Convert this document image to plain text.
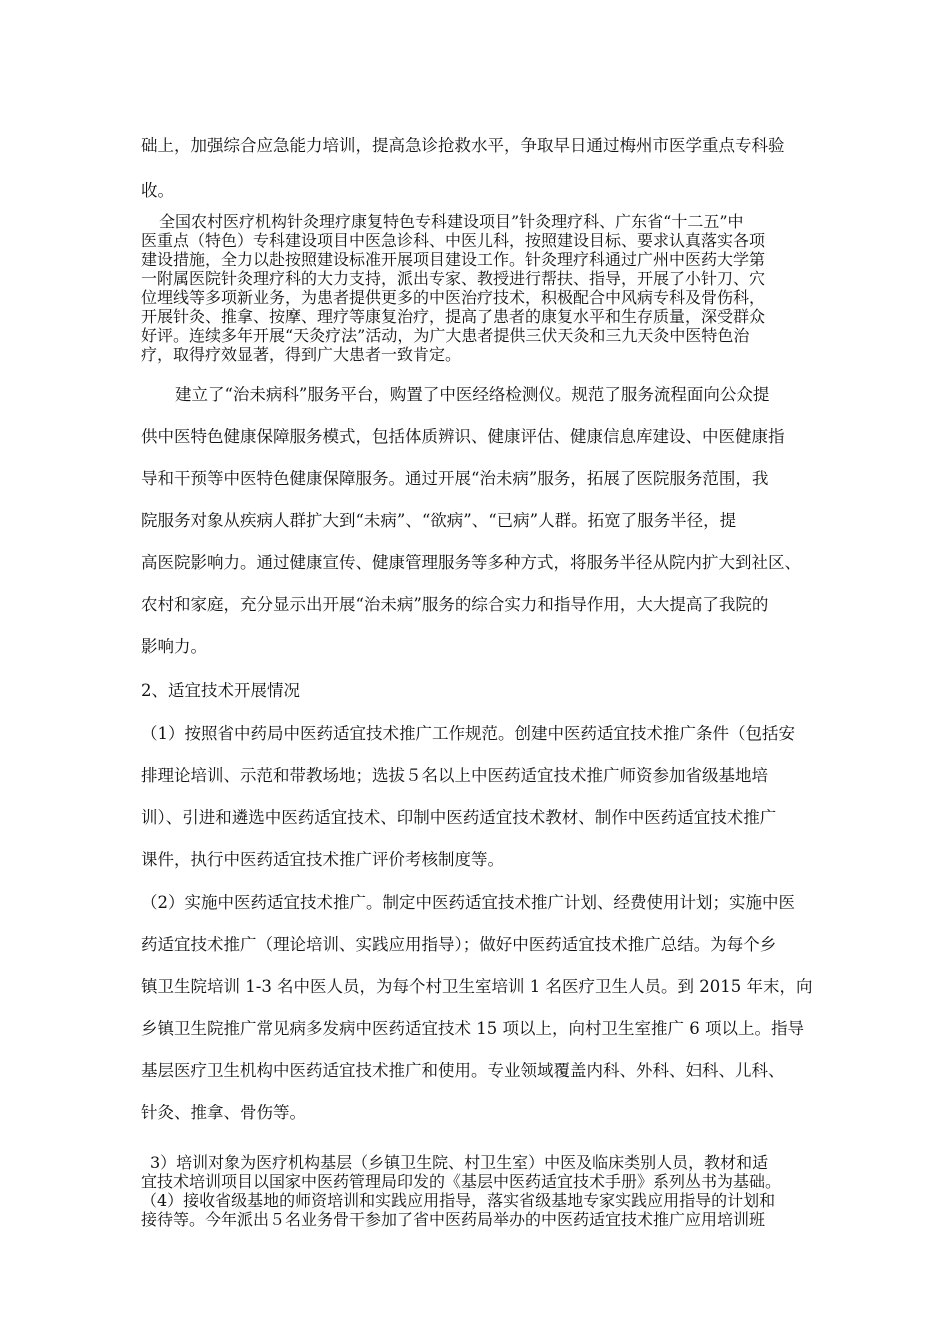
础上，加强综合应急能力培训，提高急诊抢救水平，争取早日通过梅州市医学重点专科验
收。
全国农村医疗机构针灸理疗康复特色专科建设项目”针灸理疗科、广东省“十二五”中
医重点（特色）专科建设项目中医急诊科、中医儿科，按照建设目标、要求认真落实各项
建设措施，全力以赴按照建设标准开展项目建设工作。针灸理疗科通过广州中医药大学第
一附属医院针灸理疗科的大力支持，派出专家、教授进行帮扶、指导，开展了小针刀、穴
位埋线等多项新业务，为患者提供更多的中医治疗技术，积极配合中风病专科及骨伤科，
开展针灸、推拿、按摩、理疗等康复治疗，提高了患者的康复水平和生存质量，深受群众
好评。连续多年开展“天灸疗法”活动，为广大患者提供三伏天灸和三九天灸中医特色治
疗，取得疗效显著，得到广大患者一致肯定。
建立了“治未病科”服务平台，购置了中医经络检测仪。规范了服务流程面向公众提
供中医特色健康保障服务模式，包括体质辨识、健康评估、健康信息库建设、中医健康指
导和干预等中医特色健康保障服务。通过开展“治未病”服务，拓展了医院服务范围，我
院服务对象从疾病人群扩大到“未病”、“欲病”、“已病”人群。拓宽了服务半径，提
高医院影响力。通过健康宣传、健康管理服务等多种方式，将服务半径从院内扩大到社区、
农村和家庭，充分显示出开展“治未病”服务的综合实力和指导作用，大大提高了我院的
影响力。
2、适宜技术开展情况
（1）按照省中药局中医药适宜技术推广工作规范。创建中医药适宜技术推广条件（包括安
排理论培训、示范和带教场地；选拔５名以上中医药适宜技术推广师资参加省级基地培
训）、引进和遴选中医药适宜技术、印制中医药适宜技术教材、制作中医药适宜技术推广
课件，执行中医药适宜技术推广评价考核制度等。
（2）实施中医药适宜技术推广。制定中医药适宜技术推广计划、经费使用计划；实施中医
药适宜技术推广（理论培训、实践应用指导）；做好中医药适宜技术推广总结。为每个乡
镇卫生院培训 1-3 名中医人员，为每个村卫生室培训 1 名医疗卫生人员。到 2015 年末，向
乡镇卫生院推广常见病多发病中医药适宜技术 15 项以上，向村卫生室推广 6 项以上。指导
基层医疗卫生机构中医药适宜技术推广和使用。专业领域覆盖内科、外科、妇科、儿科、
针灸、推拿、骨伤等。
3）培训对象为医疗机构基层（乡镇卫生院、村卫生室）中医及临床类别人员，教材和适
宜技术培训项目以国家中医药管理局印发的《基层中医药适宜技术手册》系列丛书为基础。
（4）接收省级基地的师资培训和实践应用指导，落实省级基地专家实践应用指导的计划和
接待等。今年派出５名业务骨干参加了省中医药局举办的中医药适宜技术推广应用培训班
